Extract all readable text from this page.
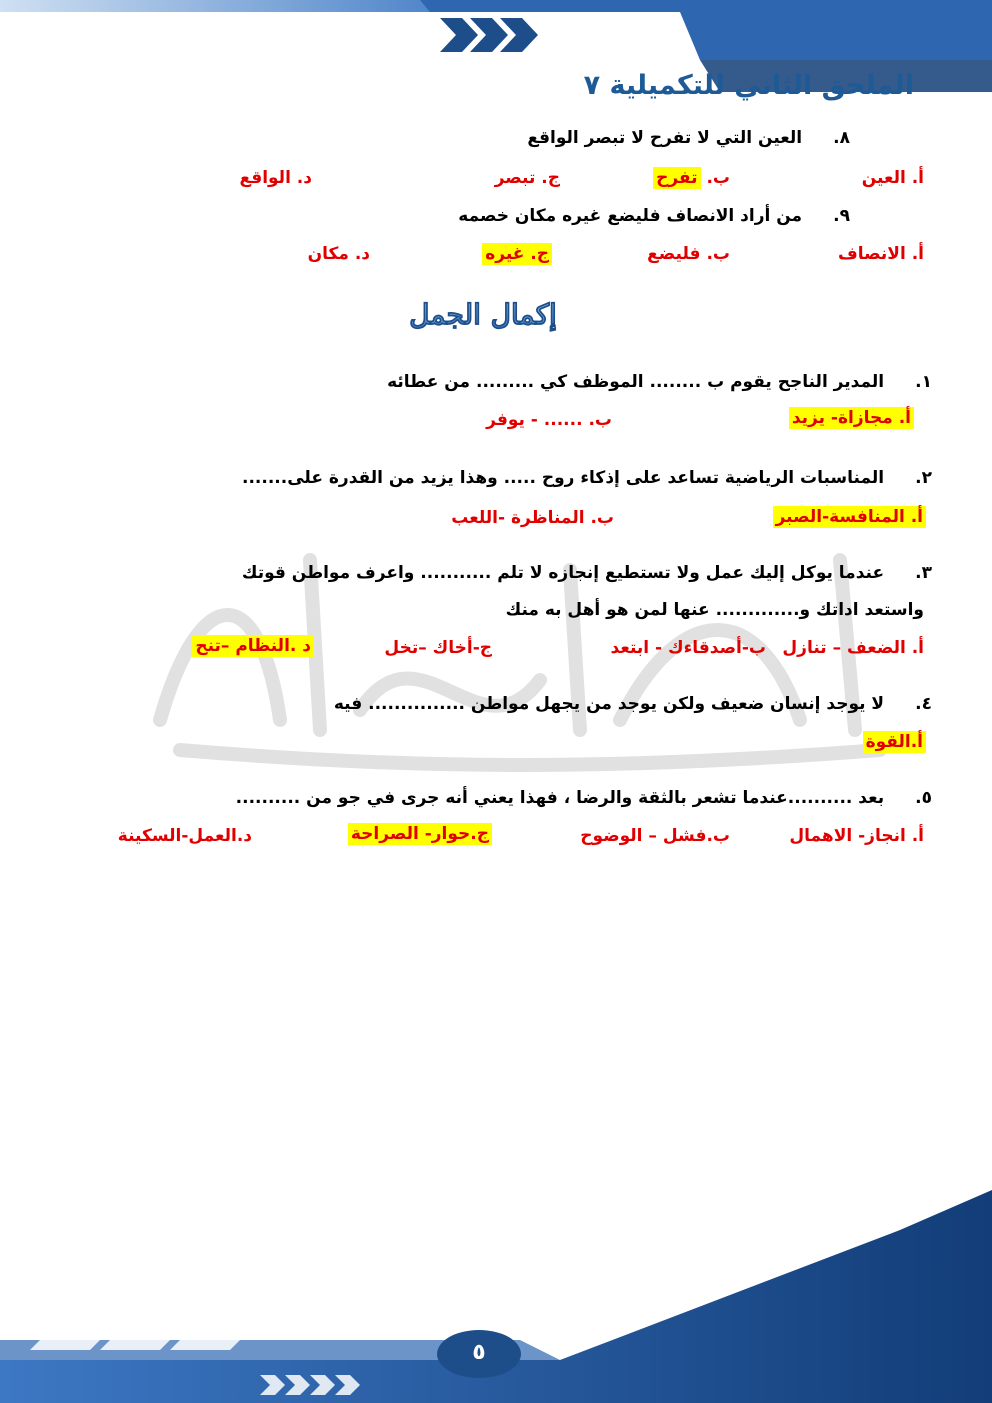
الملحق الثاني للتكميلية ٧
٨. العين التي لا تفرح لا تبصر الواقع
أ. العين
ب. تفرح
ج. تبصر
د. الواقع
٩. من أراد الانصاف فليضع غيره مكان خصمه
أ. الانصاف
ب. فليضع
ج. غيره
د. مكان
إكمال الجمل
١. المدير الناجح يقوم ب ........ الموظف كي ......... من عطائه
أ. مجازاة- يزيد
ب. ...... - يوفر
٢. المناسبات الرياضية تساعد على إذكاء روح ..... وهذا يزيد من القدرة على.......
أ. المنافسة-الصبر
ب. المناظرة -اللعب
٣. عندما يوكل إليك عمل ولا تستطيع إنجازه لا تلم ........... واعرف مواطن قوتك
واستعد اداتك و............. عنها لمن هو أهل به منك
أ. الضعف – تنازل
ب-أصدقاءك - ابتعد
ج-أخاك –تخل
د .النظام –تنح
٤. لا يوجد إنسان ضعيف ولكن يوجد من يجهل مواطن ............... فيه
أ.القوة
٥. بعد ..........عندما تشعر بالثقة والرضا ، فهذا يعني أنه جرى في جو من ..........
أ. انجاز- الاهمال
ب.فشل – الوضوح
ج.حوار- الصراحة
د.العمل-السكينة
٥
